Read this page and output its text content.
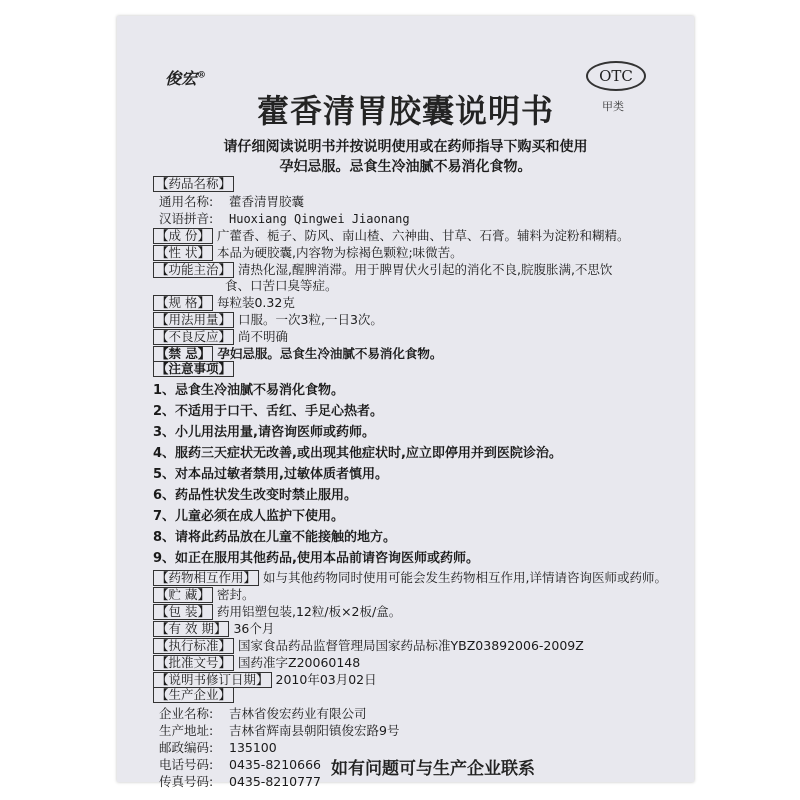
俊宏®
藿香清胃胶囊说明书
OTC
甲类
请仔细阅读说明书并按说明使用或在药师指导下购买和使用
孕妇忌服。忌食生冷油腻不易消化食物。
【药品名称】
通用名称: 藿香清胃胶囊
汉语拼音: Huoxiang Qingwei Jiaonang
【成 份】 广藿香、栀子、防风、南山楂、六神曲、甘草、石膏。辅料为淀粉和糊精。
【性 状】 本品为硬胶囊,内容物为棕褐色颗粒;味微苦。
【功能主治】 清热化湿,醒脾消滞。用于脾胃伏火引起的消化不良,脘腹胀满,不思饮
食、口苦口臭等症。
【规 格】 每粒装0.32克
【用法用量】 口服。一次3粒,一日3次。
【不良反应】 尚不明确
【禁 忌】 孕妇忌服。忌食生冷油腻不易消化食物。
【注意事项】
1、忌食生冷油腻不易消化食物。
2、不适用于口干、舌红、手足心热者。
3、小儿用法用量,请咨询医师或药师。
4、服药三天症状无改善,或出现其他症状时,应立即停用并到医院诊治。
5、对本品过敏者禁用,过敏体质者慎用。
6、药品性状发生改变时禁止服用。
7、儿童必须在成人监护下使用。
8、请将此药品放在儿童不能接触的地方。
9、如正在服用其他药品,使用本品前请咨询医师或药师。
【药物相互作用】 如与其他药物同时使用可能会发生药物相互作用,详情请咨询医师或药师。
【贮 藏】 密封。
【包 装】 药用铝塑包装,12粒/板×2板/盒。
【有 效 期】 36个月
【执行标准】 国家食品药品监督管理局国家药品标准YBZ03892006-2009Z
【批准文号】 国药准字Z20060148
【说明书修订日期】 2010年03月02日
【生产企业】
企业名称: 吉林省俊宏药业有限公司
生产地址: 吉林省辉南县朝阳镇俊宏路9号
邮政编码: 135100
电话号码: 0435-8210666
传真号码: 0435-8210777
如有问题可与生产企业联系
